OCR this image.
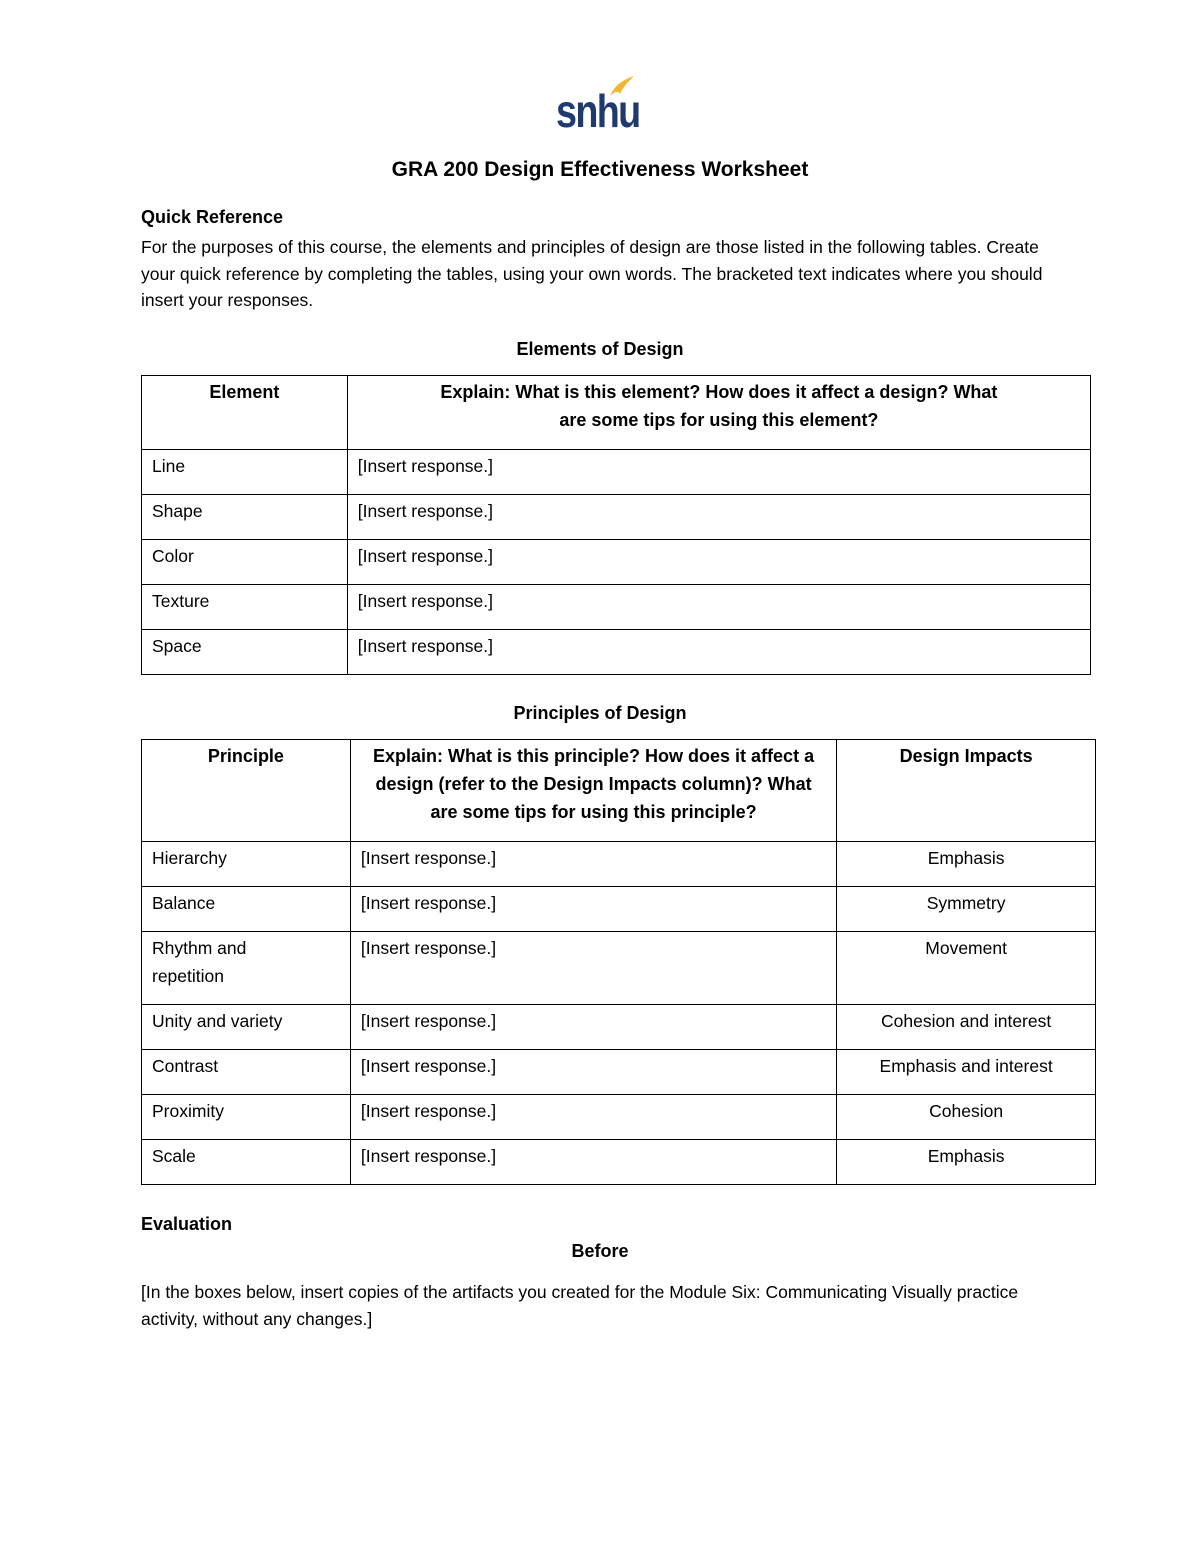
snhu
GRA 200 Design Effectiveness Worksheet
Quick Reference
For the purposes of this course, the elements and principles of design are those listed in the following tables. Create your quick reference by completing the tables, using your own words. The bracketed text indicates where you should insert your responses.
Elements of Design
Element	Explain: What is this element? How does it affect a design? What are some tips for using this element?
Line	[Insert response.]
Shape	[Insert response.]
Color	[Insert response.]
Texture	[Insert response.]
Space	[Insert response.]
Principles of Design
Principle	Explain: What is this principle? How does it affect a design (refer to the Design Impacts column)? What are some tips for using this principle?	Design Impacts
Hierarchy	[Insert response.]	Emphasis
Balance	[Insert response.]	Symmetry
Rhythm and repetition	[Insert response.]	Movement
Unity and variety	[Insert response.]	Cohesion and interest
Contrast	[Insert response.]	Emphasis and interest
Proximity	[Insert response.]	Cohesion
Scale	[Insert response.]	Emphasis
Evaluation
Before
[In the boxes below, insert copies of the artifacts you created for the Module Six: Communicating Visually practice activity, without any changes.]
